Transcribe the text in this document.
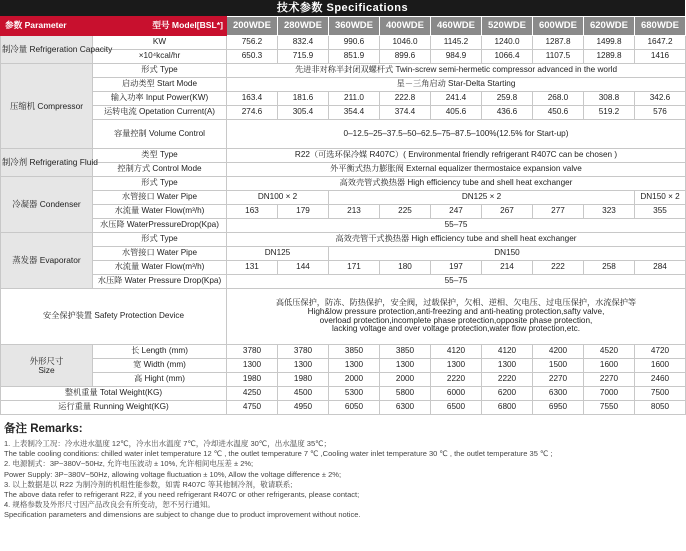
技术参数 Specifications
参数 Parameter	型号 Model[BSL*]	200WDE	280WDE	360WDE	400WDE	460WDE	520WDE	600WDE	620WDE	680WDE
制冷量 Refrigeration Capacity	KW	756.2	832.4	990.6	1046.0	1145.2	1240.0	1287.8	1499.8	1647.2
	×10⁴kcal/hr	650.3	715.9	851.9	899.6	984.9	1066.4	1107.5	1289.8	1416
压缩机 Compressor	形式 Type	先进非对称半封闭双螺杆式 Twin-screw semi-hermetic compressor advanced in the world								
	启动类型 Start Mode	星－三角启动 Star-Delta Starting								
	输入功率 Input Power(KW)	163.4	181.6	211.0	222.8	241.4	259.8	268.0	308.8	342.6
	运转电流 Opetation Current(A)	274.6	305.4	354.4	374.4	405.6	436.6	450.6	519.2	576
	容量控制 Volume Control	0–12.5–25–37.5–50–62.5–75–87.5–100%(12.5% for Start-up)								

制冷剂 Refrigerating Fluid	类型 Type	R22（可选环保冷媒 R407C）( Environmental friendly refrigerant R407C can be chosen )								
	控制方式 Control Mode	外平衡式热力膨胀阀 External equalizer thermostaice expansion valve								
冷凝器 Condenser	形式 Type	高效壳管式换热器 High efficiency tube and shell heat exchanger								
	水管接口 Water Pipe	DN100 × 2		DN125 × 2						DN150 × 2
	水流量 Water Flow(m³/h)	163	179	213	225	247	267	277	323	355
	水压降 WaterPressureDrop(Kpa)	55–75								
蒸发器 Evaporator	形式 Type	高效壳管干式换热器 High efficiency tube and shell heat exchanger								
	水管接口 Water Pipe	DN125		DN150						
	水流量 Water Flow(m³/h)	131	144	171	180	197	214	222	258	284
	水压降 Water Pressure Drop(Kpa)	55–75								
安全保护装置 Safety Protection Device		高低压保护，防冻、防热保护，安全阀，过载保护，欠相、逆相、欠电压、过电压保护，水流保护等
High&low pressure protection,anti-freezing and anti-heating protection,safty valve,
overload protection,incomplete phase protection,opposite phase protection,
lacking voltage and over voltage protection,water flow protection,etc.								

外形尺寸
Size	长 Length (mm)	3780	3780	3850	3850	4120	4120	4200	4520	4720
	宽 Width (mm)	1300	1300	1300	1300	1300	1300	1500	1600	1600
	高 Hight (mm)	1980	1980	2000	2000	2220	2220	2270	2270	2460
整机重量 Total Weight(KG)		4250	4500	5300	5800	6000	6200	6300	7000	7500
运行重量 Running Weight(KG)		4750	4950	6050	6300	6500	6800	6950	7550	8050
备注 Remarks:
1. 上表制冷工况：冷水进水温度 12℃，冷水出水温度 7℃，冷却进水温度 30℃，出水温度 35℃；
The table cooling conditions: chilled water inlet temperature 12 ℃ , the outlet temperature 7 ℃ ,Cooling water inlet temperature 30 ℃ , the outlet temperature 35 ℃ ;
2. 电源制式：3P~380V~50Hz, 允许电压波动 ± 10%, 允许相间电压差 ± 2%;
Power Supply: 3P~380V~50Hz, allowing voltage fluctuation ± 10%, Allow the voltage difference ± 2%;
3. 以上数据是以 R22 为制冷剂的机组性能参数，如需 R407C 等其他制冷剂，敬请联系;
The above data refer to refrigerant R22, if you need refrigerant R407C or other refrigerants, please contact;
4. 规格参数及外形尺寸因产品改良会有所变动，恕不另行通知。
Specification parameters and dimensions are subject to change due to product improvement without notice.
